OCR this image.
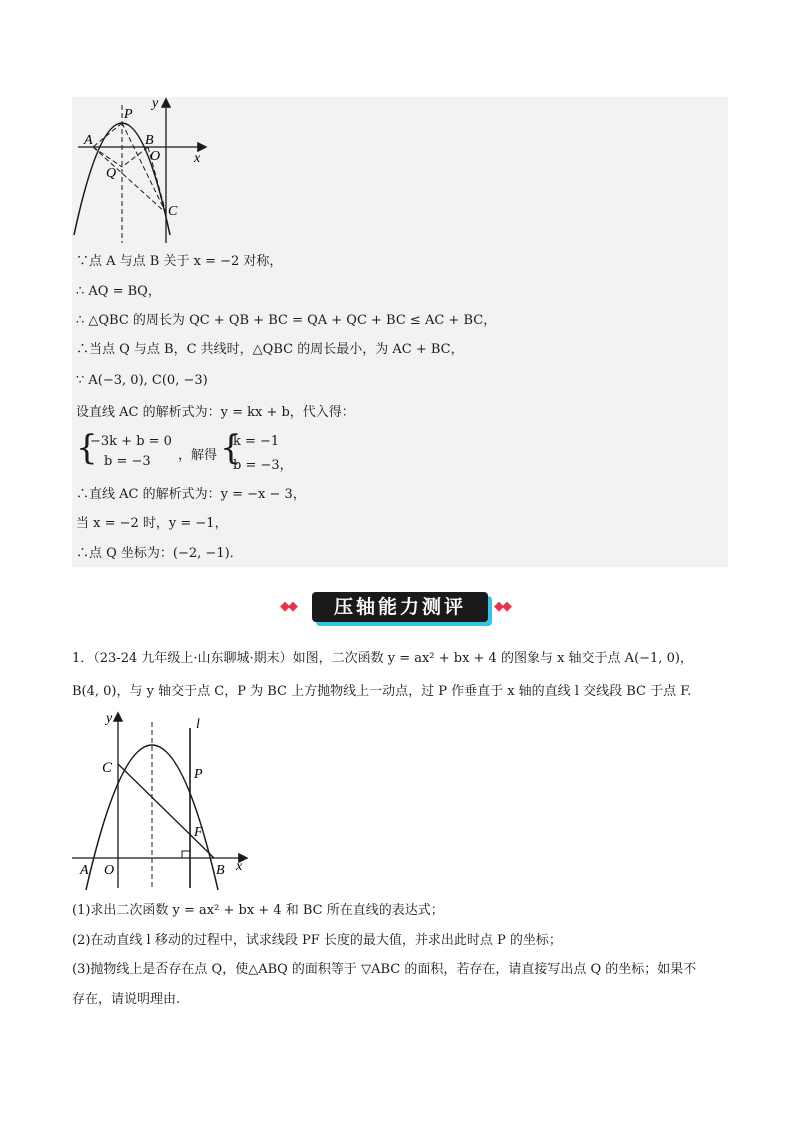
y
x
P
A	B
O
Q
C
∵点 A 与点 B 关于 x = −2 对称，
∴ AQ = BQ，
∴ △QBC 的周长为 QC + QB + BC = QA + QC + BC ≤ AC + BC，
∴当点 Q 与点 B，C 共线时，△QBC 的周长最小，为 AC + BC，
∵ A(−3, 0), C(0, −3)
设直线 AC 的解析式为：y = kx + b，代入得：
{
−3k + b = 0
b = −3 ，解得 {
k = −1
b = −3，
∴直线 AC 的解析式为：y = −x − 3，
当 x = −2 时，y = −1，
∴点 Q 坐标为：(−2, −1)．
◆◆	压轴能力测评	◆◆
1．（23-24 九年级上·山东聊城·期末）如图，二次函数 y = ax² + bx + 4 的图象与 x 轴交于点 A(−1, 0)，
B(4, 0)，与 y 轴交于点 C，P 为 BC 上方抛物线上一动点，过 P 作垂直于 x 轴的直线 l 交线段 BC 于点 F.
y	l
C	P
F
A O	B x
(1)求出二次函数 y = ax² + bx + 4 和 BC 所在直线的表达式；
(2)在动直线 l 移动的过程中，试求线段 PF 长度的最大值，并求出此时点 P 的坐标；
(3)抛物线上是否存在点 Q，使△ABQ 的面积等于 ▽ABC 的面积，若存在，请直接写出点 Q 的坐标；如果不
存在，请说明理由.
